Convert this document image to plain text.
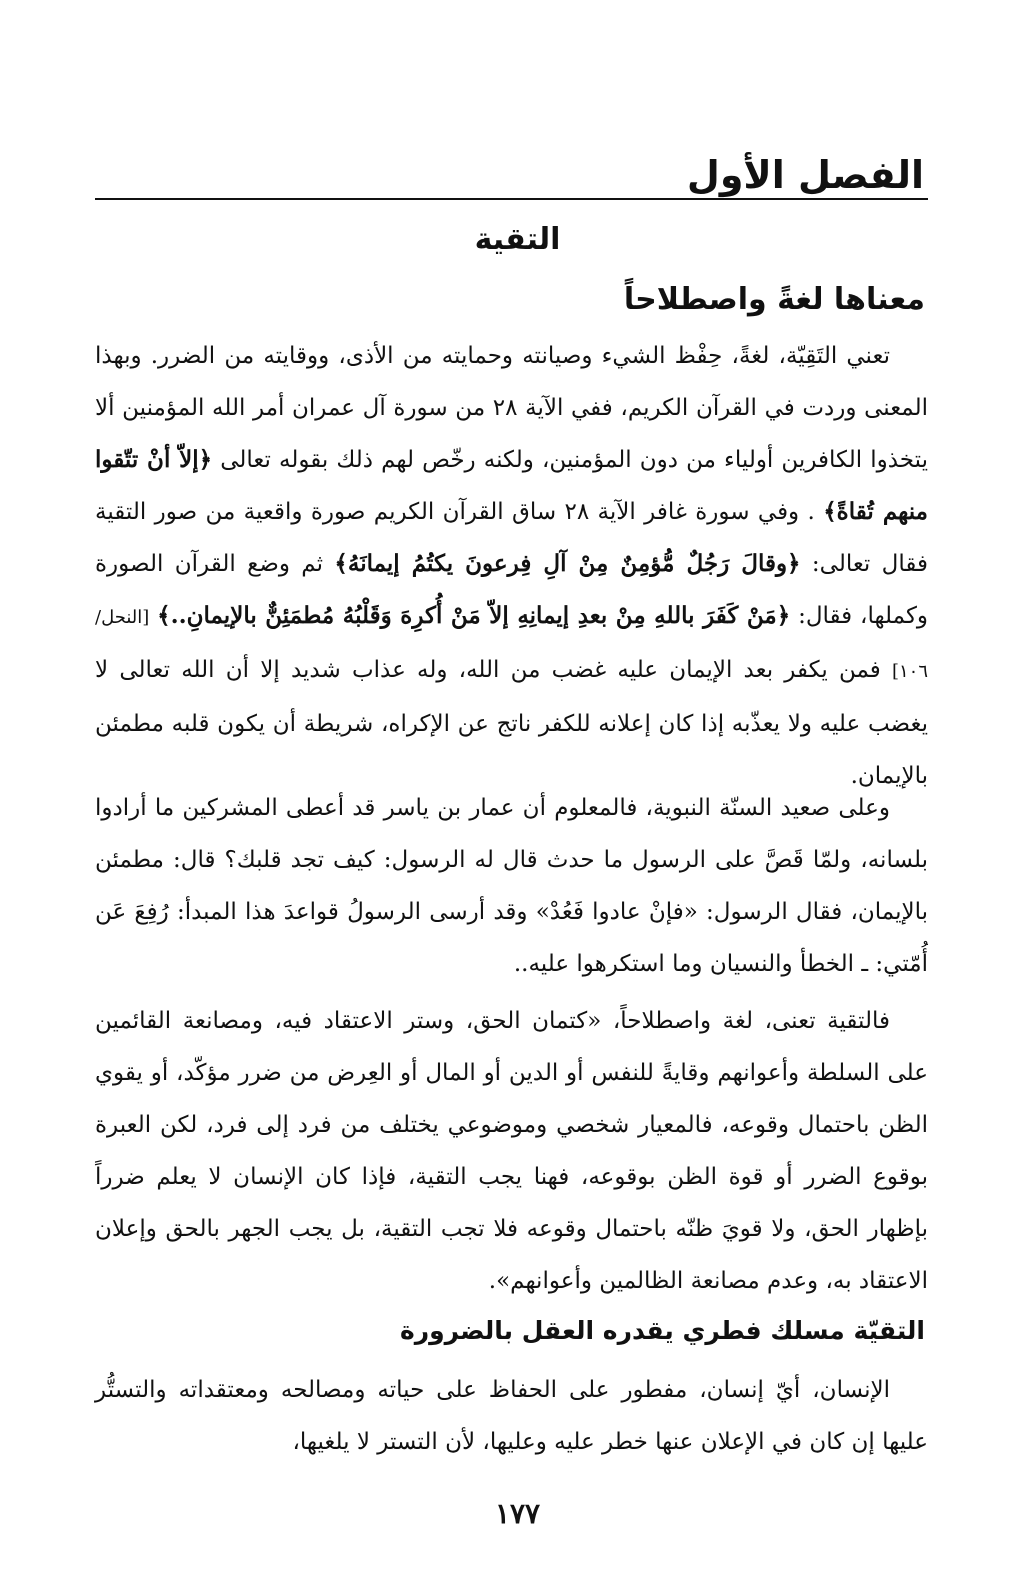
الفصل الأول
التقية
معناها لغةً واصطلاحاً

تعني التَقِيّة، لغةً، حِفْظ الشيء وصيانته وحمايته من الأذى، ووقايته من الضرر. وبهذا المعنى وردت في القرآن الكريم، ففي الآية ٢٨ من سورة آل عمران أمر الله المؤمنين ألا يتخذوا الكافرين أولياء من دون المؤمنين، ولكنه رخّص لهم ذلك بقوله تعالى ﴿إلاّ أنْ تتّقوا منهم تُقاةً﴾ . وفي سورة غافر الآية ٢٨ ساق القرآن الكريم صورة واقعية من صور التقية فقال تعالى: ﴿وقالَ رَجُلٌ مُّؤمِنٌ مِنْ آلِ فِرعونَ يكتُمُ إيمانَهُ﴾ ثم وضع القرآن الصورة وكملها، فقال: ﴿مَنْ كَفَرَ باللهِ مِنْ بعدِ إيمانِهِ إلاّ مَنْ أُكرِهَ وَقَلْبُهُ مُطمَئِنٌّ بالإيمانِ..﴾ [النحل/١٠٦] فمن يكفر بعد الإيمان عليه غضب من الله، وله عذاب شديد إلا أن الله تعالى لا يغضب عليه ولا يعذّبه إذا كان إعلانه للكفر ناتج عن الإكراه، شريطة أن يكون قلبه مطمئن بالإيمان.

وعلى صعيد السنّة النبوية، فالمعلوم أن عمار بن ياسر قد أعطى المشركين ما أرادوا بلسانه، ولمّا قَصَّ على الرسول ما حدث قال له الرسول: كيف تجد قلبك؟ قال: مطمئن بالإيمان، فقال الرسول: «فإنْ عادوا فَعُدْ» وقد أرسى الرسولُ قواعدَ هذا المبدأ: رُفِعَ عَن أُمّتي: ـ الخطأ والنسيان وما استكرهوا عليه..

فالتقية تعنى، لغة واصطلاحاً، «كتمان الحق، وستر الاعتقاد فيه، ومصانعة القائمين على السلطة وأعوانهم وقايةً للنفس أو الدين أو المال أو العِرض من ضرر مؤكّد، أو يقوي الظن باحتمال وقوعه، فالمعيار شخصي وموضوعي يختلف من فرد إلى فرد، لكن العبرة بوقوع الضرر أو قوة الظن بوقوعه، فهنا يجب التقية، فإذا كان الإنسان لا يعلم ضرراً بإظهار الحق، ولا قويَ ظنّه باحتمال وقوعه فلا تجب التقية، بل يجب الجهر بالحق وإعلان الاعتقاد به، وعدم مصانعة الظالمين وأعوانهم».

التقيّة مسلك فطري يقدره العقل بالضرورة

الإنسان، أيّ إنسان، مفطور على الحفاظ على حياته ومصالحه ومعتقداته والتستُّر عليها إن كان في الإعلان عنها خطر عليه وعليها، لأن التستر لا يلغيها،

١٧٧
